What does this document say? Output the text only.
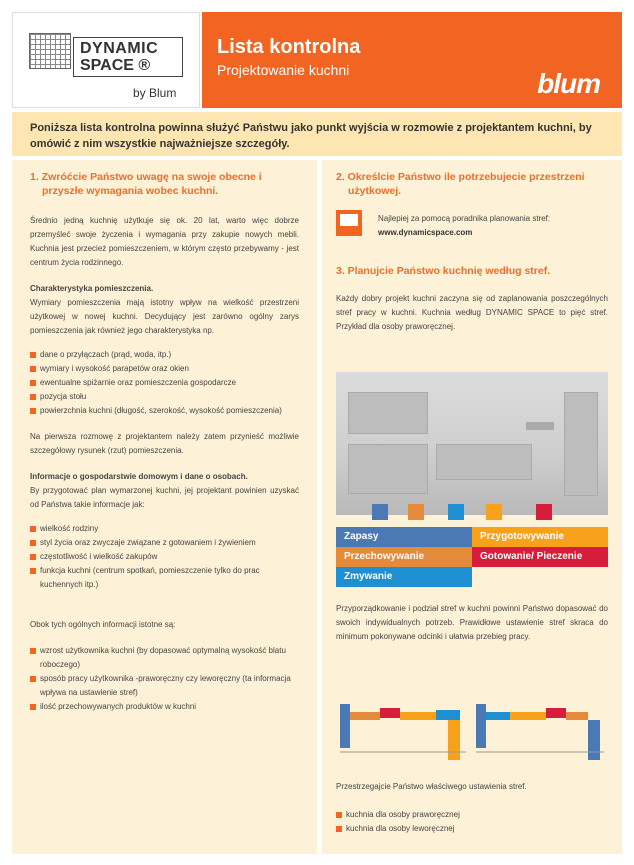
DYNAMIC
SPACE ®
by Blum
Lista kontrolna
Projektowanie kuchni	blum
Poniższa lista kontrolna powinna służyć Państwu jako punkt wyjścia w rozmowie z projektantem kuchni, by omówić z nim wszystkie najważniejsze szczegóły.
1. Zwróćcie Państwo uwagę na swoje obecne i przyszłe wymagania wobec kuchni.

Średnio jedną kuchnię użytkuje się ok. 20 lat, warto więc dobrze przemyśleć swoje życzenia i wymagania przy zakupie nowych mebli. Kuchnia jest przecież pomieszczeniem, w którym często przebywamy - jest centrum życia rodzinnego.

Charakterystyka pomieszczenia.

Wymiary pomieszczenia mają istotny wpływ na wielkość przestrzeni użytkowej w nowej kuchni. Decydujący jest zarówno ogólny zarys pomieszczenia jak również jego charakterystyka np.

dane o przyłączach (prąd, woda, itp.)
wymiary i wysokość parapetów oraz okien
ewentualne spiżarnie oraz pomieszczenia gospodarcze
pozycja stołu
powierzchnia kuchni (długość, szerokość, wysokość pomieszczenia)

Na pierwsza rozmowę z projektantem należy zatem przynieść możliwie szczegółowy rysunek (rzut) pomieszczenia.

Informacje o gospodarstwie domowym i dane o osobach.

By przygotować plan wymarzonej kuchni, jej projektant powinien uzyskać od Państwa takie informacje jak:

wielkość rodziny
styl życia oraz zwyczaje związane z gotowaniem i żywieniem
częstotliwość i wielkość zakupów
funkcja kuchni (centrum spotkań, pomieszczenie tylko do prac kuchennych itp.)

Obok tych ogólnych informacji istotne są:

wzrost użytkownika kuchni (by dopasować optymalną wysokość blatu roboczego)
sposób pracy użytkownika -praworęczny czy leworęczny (ta informacja wpływa na ustawienie stref)
ilość przechowywanych produktów w kuchni
2. Określcie Państwo ile potrzebujecie przestrzeni użytkowej.

Najlepiej za pomocą poradnika planowania stref:

www.dynamicspace.com

3. Planujcie Państwo kuchnię według stref.

Każdy dobry projekt kuchni zaczyna się od zaplanowania poszczególnych stref pracy w kuchni. Kuchnia według DYNAMIC SPACE to pięć stref. Przykład dla osoby praworęcznej.

Zapasy	Przygotowywanie
Przechowywanie	Gotowanie/ Pieczenie
Zmywanie

Przyporządkowanie i podział stref w kuchni powinni Państwo dopasować do swoich indywidualnych potrzeb. Prawidłowe ustawienie stref skraca do minimum pokonywane odcinki i ułatwia przebieg pracy.

Przestrzegajcie Państwo właściwego ustawienia stref.

kuchnia dla osoby praworęcznej
kuchnia dla osoby leworęcznej
